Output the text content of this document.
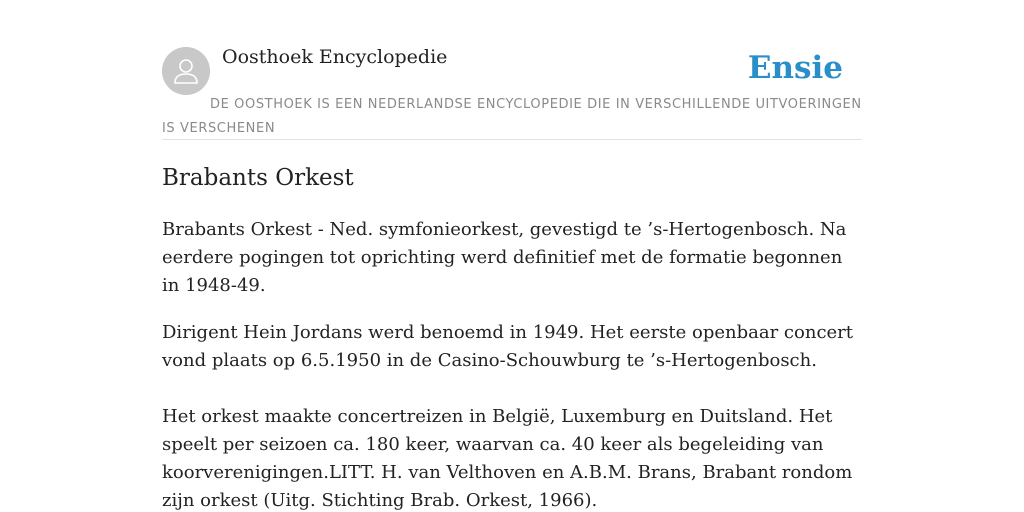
Oosthoek Encyclopedie	Ensie
DE OOSTHOEK IS EEN NEDERLANDSE ENCYCLOPEDIE DIE IN VERSCHILLENDE UITVOERINGEN IS VERSCHENEN
Brabants Orkest

Brabants Orkest - Ned. symfonieorkest, gevestigd te ’s-Hertogenbosch. Na eerdere pogingen tot oprichting werd definitief met de formatie begonnen in 1948-49.

Dirigent Hein Jordans werd benoemd in 1949. Het eerste openbaar concert vond plaats op 6.5.1950 in de Casino-Schouwburg te ’s-Hertogenbosch.

Het orkest maakte concertreizen in België, Luxemburg en Duitsland. Het speelt per seizoen ca. 180 keer, waarvan ca. 40 keer als begeleiding van koorverenigingen.LITT. H. van Velthoven en A.B.M. Brans, Brabant rondom zijn orkest (Uitg. Stichting Brab. Orkest, 1966).
